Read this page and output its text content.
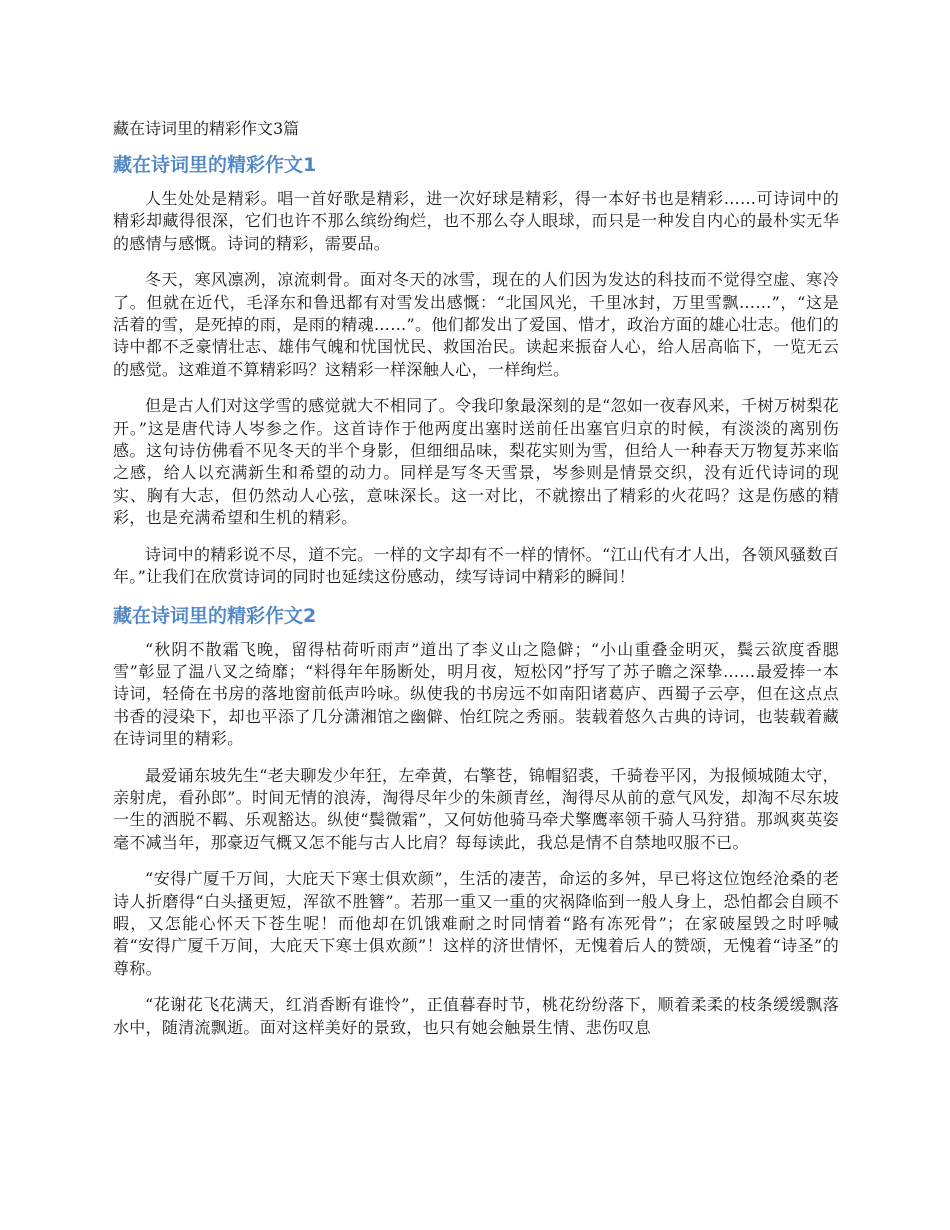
藏在诗词里的精彩作文3篇
藏在诗词里的精彩作文1

人生处处是精彩。唱一首好歌是精彩，进一次好球是精彩，得一本好书也是精彩……可诗词中的精彩却藏得很深，它们也许不那么缤纷绚烂，也不那么夺人眼球，而只是一种发自内心的最朴实无华的感情与感慨。诗词的精彩，需要品。

冬天，寒风凛冽，凉流刺骨。面对冬天的冰雪，现在的人们因为发达的科技而不觉得空虚、寒冷了。但就在近代，毛泽东和鲁迅都有对雪发出感慨：“北国风光，千里冰封，万里雪飘……”，“这是活着的雪，是死掉的雨，是雨的精魂……”。他们都发出了爱国、惜才，政治方面的雄心壮志。他们的诗中都不乏豪情壮志、雄伟气魄和忧国忧民、救国治民。读起来振奋人心，给人居高临下，一览无云的感觉。这难道不算精彩吗？这精彩一样深触人心，一样绚烂。

但是古人们对这学雪的感觉就大不相同了。令我印象最深刻的是“忽如一夜春风来，千树万树梨花开。”这是唐代诗人岑参之作。这首诗作于他两度出塞时送前任出塞官归京的时候，有淡淡的离别伤感。这句诗仿佛看不见冬天的半个身影，但细细品味，梨花实则为雪，但给人一种春天万物复苏来临之感，给人以充满新生和希望的动力。同样是写冬天雪景，岑参则是情景交织，没有近代诗词的现实、胸有大志，但仍然动人心弦，意味深长。这一对比，不就擦出了精彩的火花吗？这是伤感的精彩，也是充满希望和生机的精彩。

诗词中的精彩说不尽，道不完。一样的文字却有不一样的情怀。“江山代有才人出，各领风骚数百年。”让我们在欣赏诗词的同时也延续这份感动，续写诗词中精彩的瞬间！

藏在诗词里的精彩作文2

“秋阴不散霜飞晚，留得枯荷听雨声”道出了李义山之隐僻；“小山重叠金明灭，鬓云欲度香腮雪”彰显了温八叉之绮靡；“料得年年肠断处，明月夜，短松冈”抒写了苏子瞻之深挚……最爱捧一本诗词，轻倚在书房的落地窗前低声吟咏。纵使我的书房远不如南阳诸葛庐、西蜀子云亭，但在这点点书香的浸染下，却也平添了几分潇湘馆之幽僻、怡红院之秀丽。装载着悠久古典的诗词，也装载着藏在诗词里的精彩。

最爱诵东坡先生“老夫聊发少年狂，左牵黄，右擎苍，锦帽貂裘，千骑卷平冈，为报倾城随太守，亲射虎，看孙郎”。时间无情的浪涛，淘得尽年少的朱颜青丝，淘得尽从前的意气风发，却淘不尽东坡一生的洒脱不羁、乐观豁达。纵使“鬓微霜”，又何妨他骑马牵犬擎鹰率领千骑人马狩猎。那飒爽英姿毫不减当年，那豪迈气概又怎不能与古人比肩？每每读此，我总是情不自禁地叹服不已。

“安得广厦千万间，大庇天下寒士俱欢颜”，生活的凄苦，命运的多舛，早已将这位饱经沧桑的老诗人折磨得“白头搔更短，浑欲不胜簪”。若那一重又一重的灾祸降临到一般人身上，恐怕都会自顾不暇，又怎能心怀天下苍生呢！而他却在饥饿难耐之时同情着“路有冻死骨”；在家破屋毁之时呼喊着“安得广厦千万间，大庇天下寒士俱欢颜”！这样的济世情怀，无愧着后人的赞颂，无愧着“诗圣”的尊称。

“花谢花飞花满天，红消香断有谁怜”，正值暮春时节，桃花纷纷落下，顺着柔柔的枝条缓缓飘落水中，随清流飘逝。面对这样美好的景致，也只有她会触景生情、悲伤叹息
